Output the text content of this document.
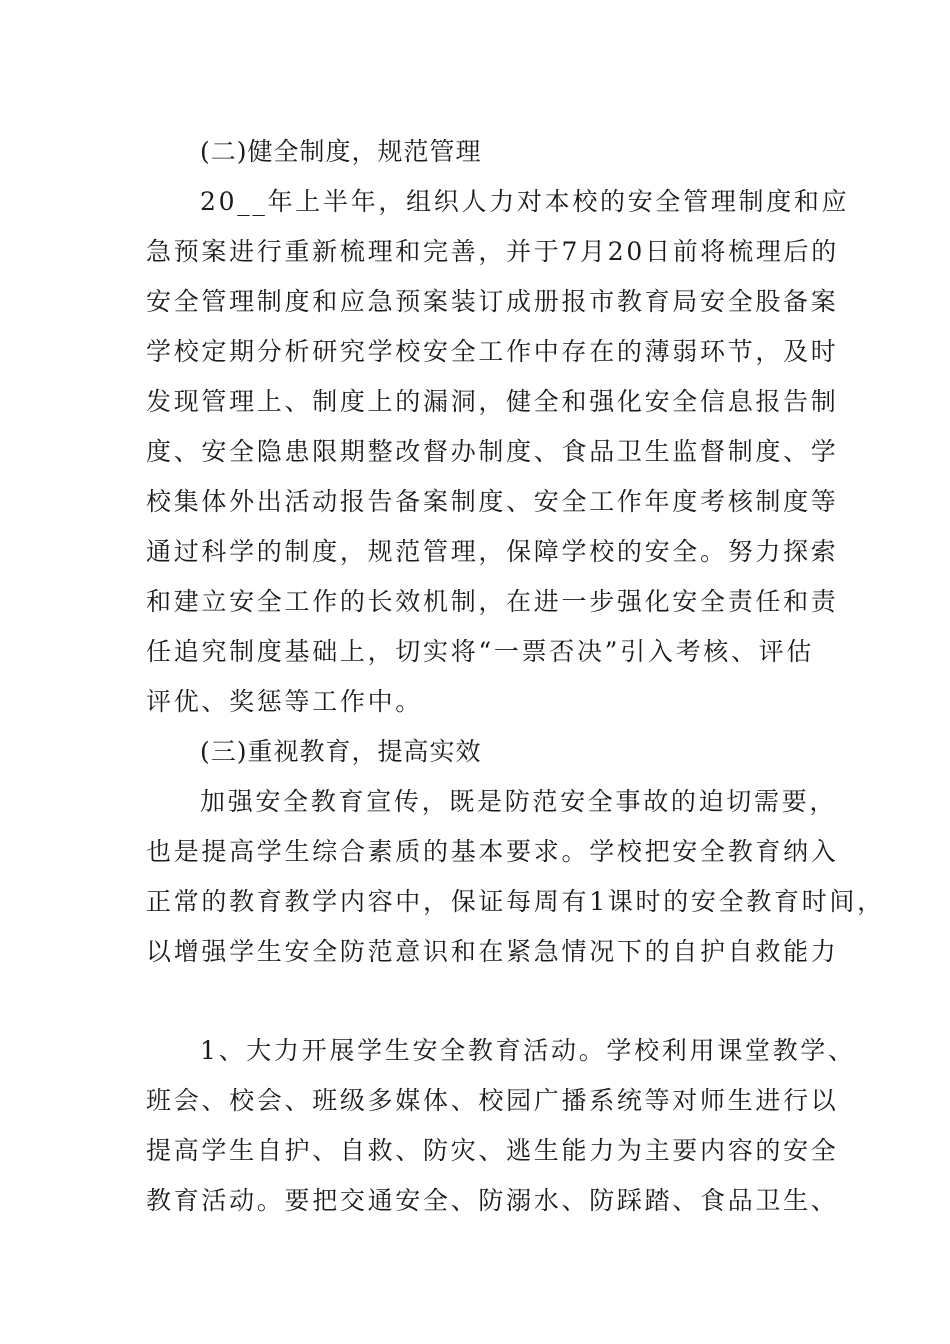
(二)健全制度，规范管理
20__年上半年，组织人力对本校的安全管理制度和应
急预案进行重新梳理和完善，并于7月20日前将梳理后的
安全管理制度和应急预案装订成册报市教育局安全股备案
学校定期分析研究学校安全工作中存在的薄弱环节，及时
发现管理上、制度上的漏洞，健全和强化安全信息报告制
度、安全隐患限期整改督办制度、食品卫生监督制度、学
校集体外出活动报告备案制度、安全工作年度考核制度等
通过科学的制度，规范管理，保障学校的安全。努力探索
和建立安全工作的长效机制，在进一步强化安全责任和责
任追究制度基础上，切实将“一票否决”引入考核、评估
评优、奖惩等工作中。
(三)重视教育，提高实效
加强安全教育宣传，既是防范安全事故的迫切需要，
也是提高学生综合素质的基本要求。学校把安全教育纳入
正常的教育教学内容中，保证每周有1课时的安全教育时间，
以增强学生安全防范意识和在紧急情况下的自护自救能力
1、大力开展学生安全教育活动。学校利用课堂教学、
班会、校会、班级多媒体、校园广播系统等对师生进行以
提高学生自护、自救、防灾、逃生能力为主要内容的安全
教育活动。要把交通安全、防溺水、防踩踏、食品卫生、
